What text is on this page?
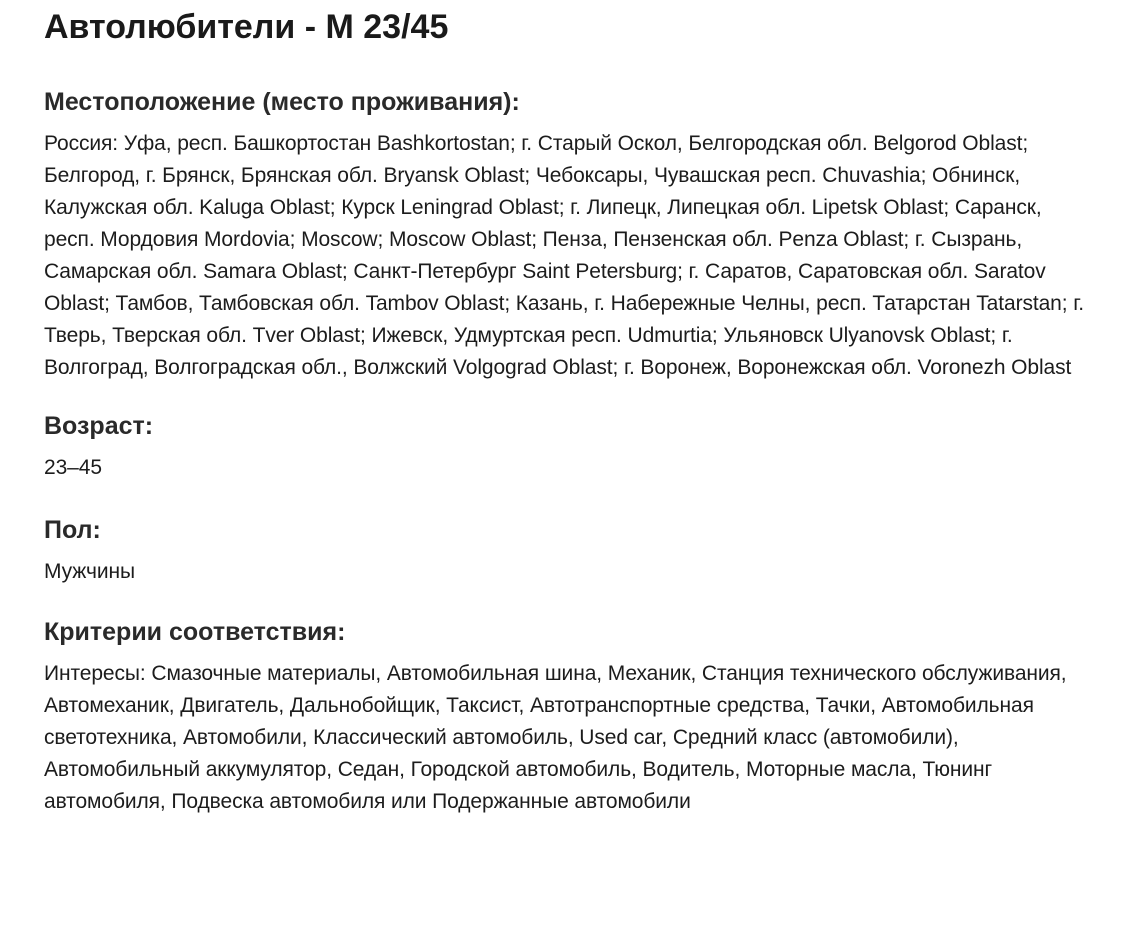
Автолюбители - M 23/45
Местоположение (место проживания):

Россия: Уфа, респ. Башкортостан Bashkortostan; г. Старый Оскол, Белгородская обл. Belgorod Oblast; Белгород, г. Брянск, Брянская обл. Bryansk Oblast; Чебоксары, Чувашская респ. Chuvashia; Обнинск, Калужская обл. Kaluga Oblast; Курск Leningrad Oblast; г. Липецк, Липецкая обл. Lipetsk Oblast; Саранск, респ. Мордовия Mordovia; Moscow; Moscow Oblast; Пенза, Пензенская обл. Penza Oblast; г. Сызрань, Самарская обл. Samara Oblast; Санкт-Петербург Saint Petersburg; г. Саратов, Саратовская обл. Saratov Oblast; Тамбов, Тамбовская обл. Tambov Oblast; Казань, г. Набережные Челны, респ. Татарстан Tatarstan; г. Тверь, Тверская обл. Tver Oblast; Ижевск, Удмуртская респ. Udmurtia; Ульяновск Ulyanovsk Oblast; г. Волгоград, Волгоградская обл., Волжский Volgograd Oblast; г. Воронеж, Воронежская обл. Voronezh Oblast

Возраст:

23–45

Пол:

Мужчины

Критерии соответствия:

Интересы: Смазочные материалы, Автомобильная шина, Механик, Станция технического обслуживания, Автомеханик, Двигатель, Дальнобойщик, Таксист, Автотранспортные средства, Тачки, Автомобильная светотехника, Автомобили, Классический автомобиль, Used car, Средний класс (автомобили), Автомобильный аккумулятор, Седан, Городской автомобиль, Водитель, Моторные масла, Тюнинг автомобиля, Подвеска автомобиля или Подержанные автомобили
